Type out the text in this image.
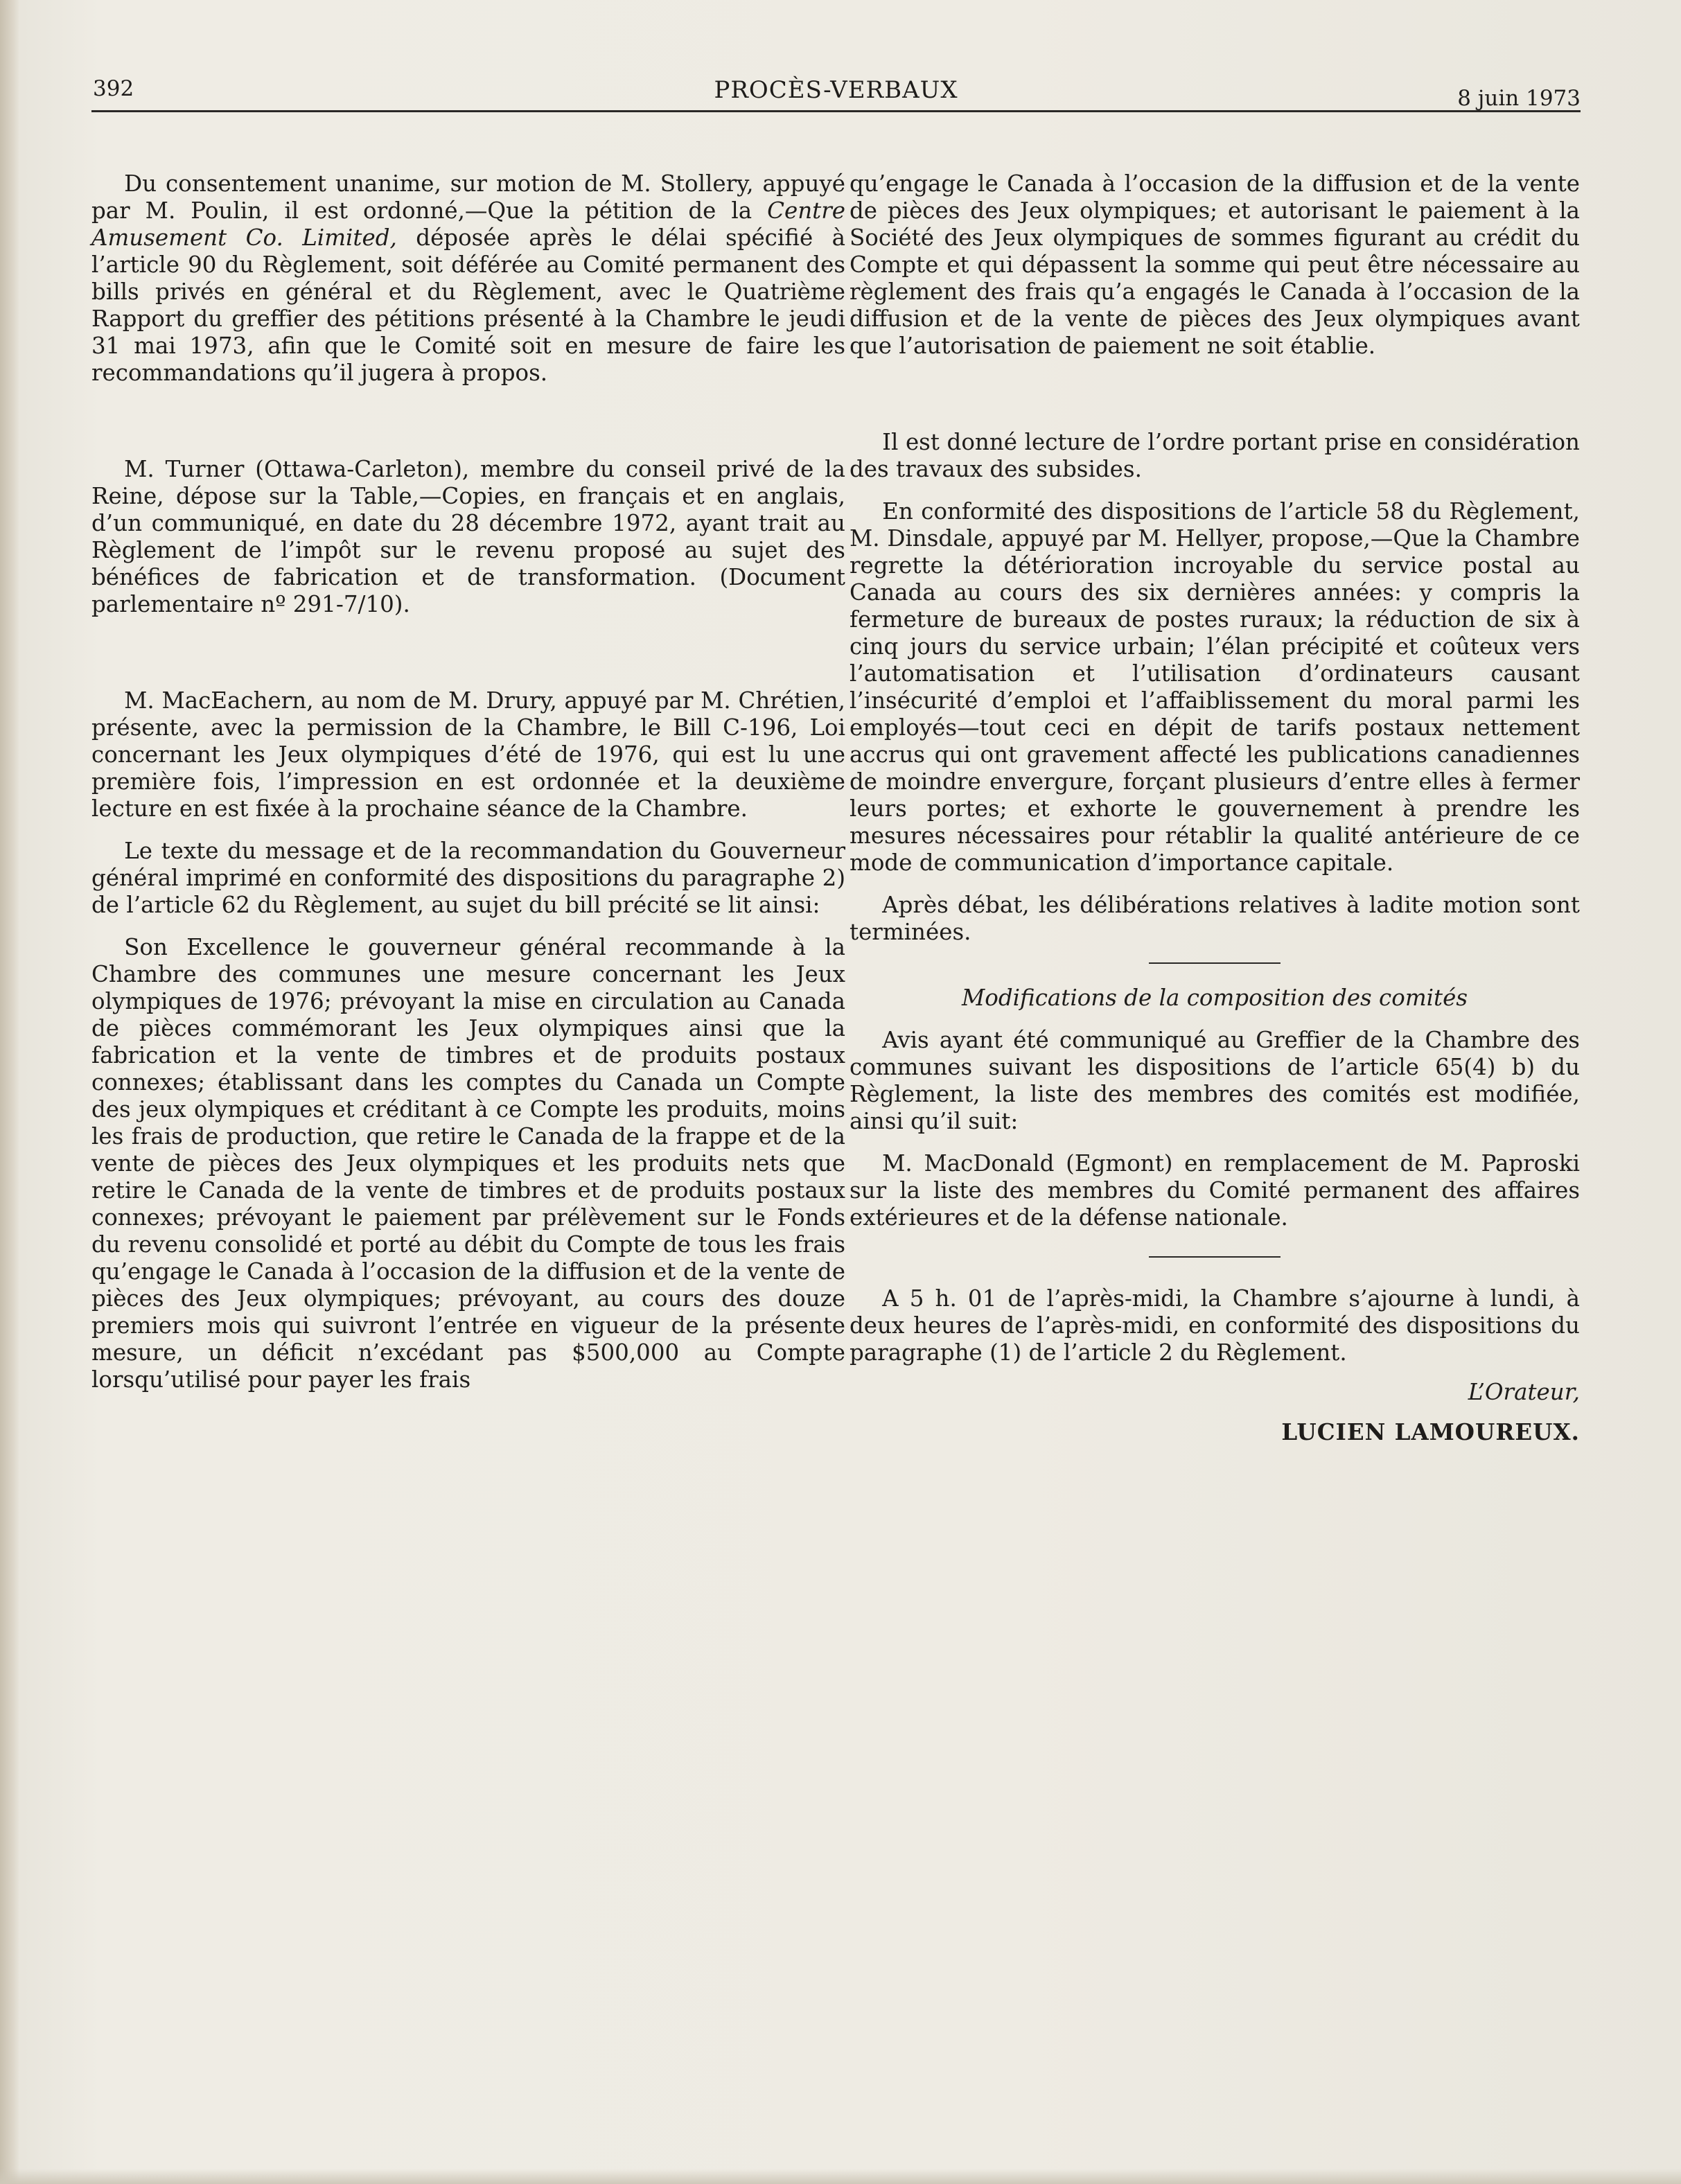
392	PROCÈS-VERBAUX	8 juin 1973

Du consentement unanime, sur motion de M. Stollery, appuyé par M. Poulin, il est ordonné,—Que la pétition de la Centre Amusement Co. Limited, déposée après le délai spécifié à l’article 90 du Règlement, soit déférée au Comité permanent des bills privés en général et du Règlement, avec le Quatrième Rapport du greffier des pétitions présenté à la Chambre le jeudi 31 mai 1973, afin que le Comité soit en mesure de faire les recommandations qu’il jugera à propos.

M. Turner (Ottawa-Carleton), membre du conseil privé de la Reine, dépose sur la Table,—Copies, en français et en anglais, d’un communiqué, en date du 28 décembre 1972, ayant trait au Règlement de l’impôt sur le revenu proposé au sujet des bénéfices de fabrication et de transformation. (Document parlementaire nº 291-7/10).

M. MacEachern, au nom de M. Drury, appuyé par M. Chrétien, présente, avec la permission de la Chambre, le Bill C-196, Loi concernant les Jeux olympiques d’été de 1976, qui est lu une première fois, l’impression en est ordonnée et la deuxième lecture en est fixée à la prochaine séance de la Chambre.

Le texte du message et de la recommandation du Gouverneur général imprimé en conformité des dispositions du paragraphe 2) de l’article 62 du Règlement, au sujet du bill précité se lit ainsi:

Son Excellence le gouverneur général recommande à la Chambre des communes une mesure concernant les Jeux olympiques de 1976; prévoyant la mise en circulation au Canada de pièces commémorant les Jeux olympiques ainsi que la fabrication et la vente de timbres et de produits postaux connexes; établissant dans les comptes du Canada un Compte des jeux olympiques et créditant à ce Compte les produits, moins les frais de production, que retire le Canada de la frappe et de la vente de pièces des Jeux olympiques et les produits nets que retire le Canada de la vente de timbres et de produits postaux connexes; prévoyant le paiement par prélèvement sur le Fonds du revenu consolidé et porté au débit du Compte de tous les frais qu’engage le Canada à l’occasion de la diffusion et de la vente de pièces des Jeux olympiques; prévoyant, au cours des douze premiers mois qui suivront l’entrée en vigueur de la présente mesure, un déficit n’excédant pas $500,000 au Compte lorsqu’utilisé pour payer les frais

qu’engage le Canada à l’occasion de la diffusion et de la vente de pièces des Jeux olympiques; et autorisant le paiement à la Société des Jeux olympiques de sommes figurant au crédit du Compte et qui dépassent la somme qui peut être nécessaire au règlement des frais qu’a engagés le Canada à l’occasion de la diffusion et de la vente de pièces des Jeux olympiques avant que l’autorisation de paiement ne soit établie.

Il est donné lecture de l’ordre portant prise en considération des travaux des subsides.

En conformité des dispositions de l’article 58 du Règlement, M. Dinsdale, appuyé par M. Hellyer, propose,—Que la Chambre regrette la détérioration incroyable du service postal au Canada au cours des six dernières années: y compris la fermeture de bureaux de postes ruraux; la réduction de six à cinq jours du service urbain; l’élan précipité et coûteux vers l’automatisation et l’utilisation d’ordinateurs causant l’insécurité d’emploi et l’affaiblissement du moral parmi les employés—tout ceci en dépit de tarifs postaux nettement accrus qui ont gravement affecté les publications canadiennes de moindre envergure, forçant plusieurs d’entre elles à fermer leurs portes; et exhorte le gouvernement à prendre les mesures nécessaires pour rétablir la qualité antérieure de ce mode de communication d’importance capitale.

Après débat, les délibérations relatives à ladite motion sont terminées.

Modifications de la composition des comités

Avis ayant été communiqué au Greffier de la Chambre des communes suivant les dispositions de l’article 65(4) b) du Règlement, la liste des membres des comités est modifiée, ainsi qu’il suit:

M. MacDonald (Egmont) en remplacement de M. Paproski sur la liste des membres du Comité permanent des affaires extérieures et de la défense nationale.

A 5 h. 01 de l’après-midi, la Chambre s’ajourne à lundi, à deux heures de l’après-midi, en conformité des dispositions du paragraphe (1) de l’article 2 du Règlement.

L’Orateur,

LUCIEN LAMOUREUX.
